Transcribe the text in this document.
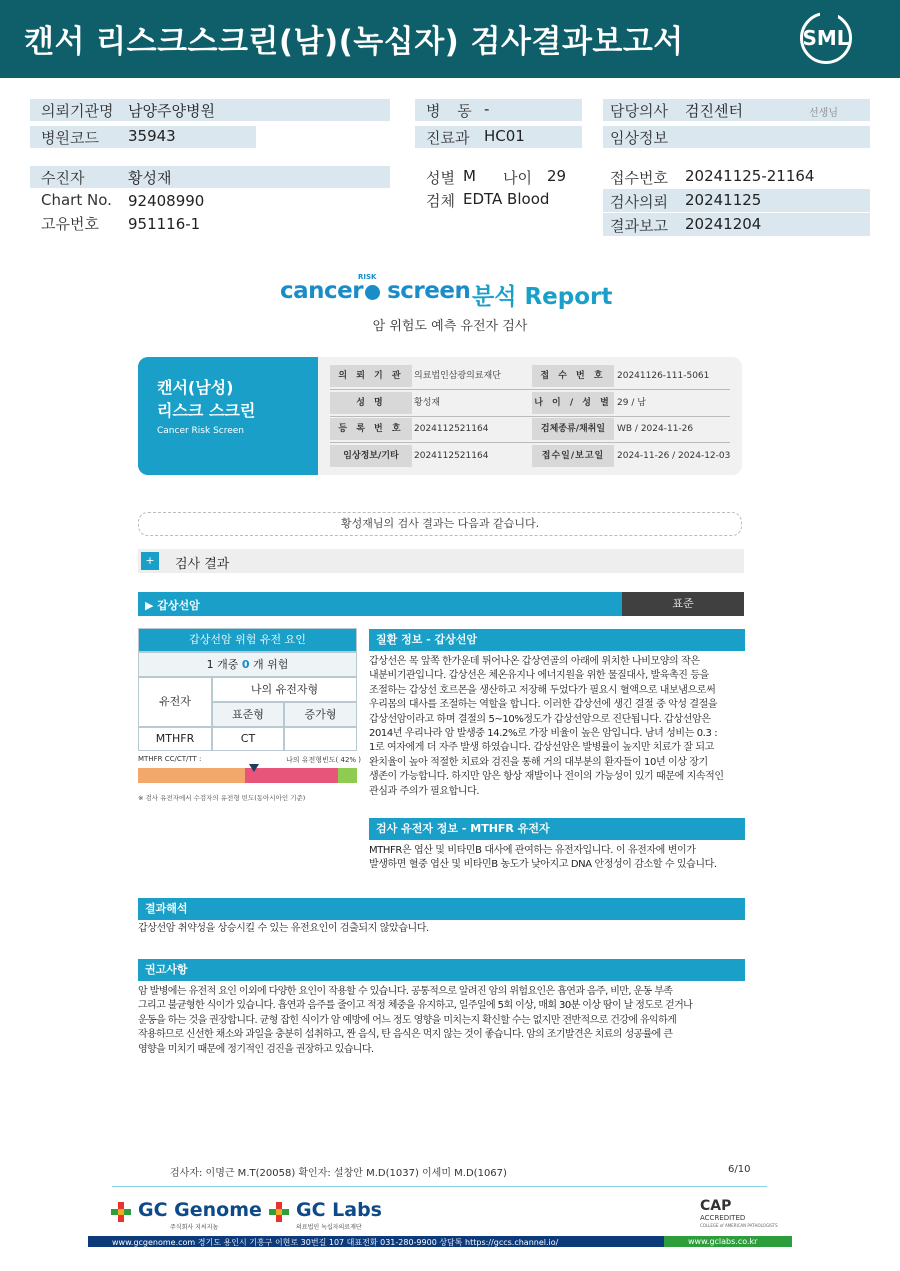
캔서 리스크스크린(남)(녹십자) 검사결과보고서	SML
의뢰기관명 남양주양병원
병원코드 35943
병 동 -
진료과 HC01
담당의사 검진센터	선생님
임상정보
수진자	황성재
Chart No. 92408990
고유번호 951116-1
성별 M 나이 29
검체 EDTA Blood
접수번호 20241125-21164
검사의뢰 20241125
결과보고 20241204
cancer screen
RISK
분석 Report
암 위험도 예측 유전자 검사
캔서(남성)
리스크 스크린
Cancer Risk Screen
의 뢰 기 관	의료법인삼광의료재단	접 수 번 호	20241126-111-5061
성 명	황성재	나 이 / 성 별 29 / 남
등 록 번 호	2024112521164	검체종류/채취일	WB / 2024-11-26
임상정보/기타	2024112521164	접수일/보고일	2024-11-26 / 2024-12-03
황성재님의 검사 결과는 다음과 같습니다.
+	검사 결과
▶ 갑상선암	표준
갑상선암 위험 유전 요인
1 개중 0 개 위험
유전자
나의 유전자형
표준형	증가형
MTHFR	CT
MTHFR CC/CT/TT :	나의 유전형빈도( 42% )
※ 검사 유전자에서 수검자의 유전형 빈도(동아시아인 기준)
질환 정보 - 갑상선암
갑상선은 목 앞쪽 한가운데 튀어나온 갑상연골의 아래에 위치한 나비모양의 작은
내분비기관입니다. 갑상선은 체온유지나 에너지원을 위한 물질대사, 발육촉진 등을
조절하는 갑상선 호르몬을 생산하고 저장해 두었다가 필요시 혈액으로 내보냄으로써
우리몸의 대사를 조절하는 역할을 합니다. 이러한 갑상선에 생긴 결절 중 악성 결절을
갑상선암이라고 하며 결절의 5~10%정도가 갑상선암으로 진단됩니다. 갑상선암은
2014년 우리나라 암 발생중 14.2%로 가장 비율이 높은 암입니다. 남녀 성비는 0.3 :
1로 여자에게 더 자주 발생 하였습니다. 갑상선암은 발병률이 높지만 치료가 잘 되고
완치율이 높아 적절한 치료와 검진을 통해 거의 대부분의 환자들이 10년 이상 장기
생존이 가능합니다. 하지만 암은 항상 재발이나 전이의 가능성이 있기 때문에 지속적인
관심과 주의가 필요합니다.
검사 유전자 정보 - MTHFR 유전자
MTHFR은 엽산 및 비타민B 대사에 관여하는 유전자입니다. 이 유전자에 변이가
발생하면 혈중 엽산 및 비타민B 농도가 낮아지고 DNA 안정성이 감소할 수 있습니다.
결과해석
갑상선암 취약성을 상승시킬 수 있는 유전요인이 검출되지 않았습니다.
권고사항
암 발병에는 유전적 요인 이외에 다양한 요인이 작용할 수 있습니다. 공통적으로 알려진 암의 위험요인은 흡연과 음주, 비만, 운동 부족
그리고 불균형한 식이가 있습니다. 흡연과 음주를 줄이고 적정 체중을 유지하고, 일주일에 5회 이상, 매회 30분 이상 땀이 날 정도로 걷거나
운동을 하는 것을 권장합니다. 균형 잡힌 식이가 암 예방에 어느 정도 영향을 미치는지 확신할 수는 없지만 전반적으로 건강에 유익하게
작용하므로 신선한 채소와 과일을 충분히 섭취하고, 짠 음식, 탄 음식은 먹지 않는 것이 좋습니다. 암의 조기발견은 치료의 성공률에 큰
영향을 미치기 때문에 정기적인 검진을 권장하고 있습니다.
검사자: 이명근 M.T(20058) 확인자: 설창안 M.D(1037) 이세미 M.D(1067)	6/10
GC Genome
주식회사 지씨지놈
GC Labs
의료법인 녹십자의료재단
CAP
ACCREDITED
COLLEGE of AMERICAN PATHOLOGISTS
www.gcgenome.com 경기도 용인시 기흥구 이현로 30번길 107 대표전화 031-280-9900 상담톡 https://gccs.channel.io/	www.gclabs.co.kr
